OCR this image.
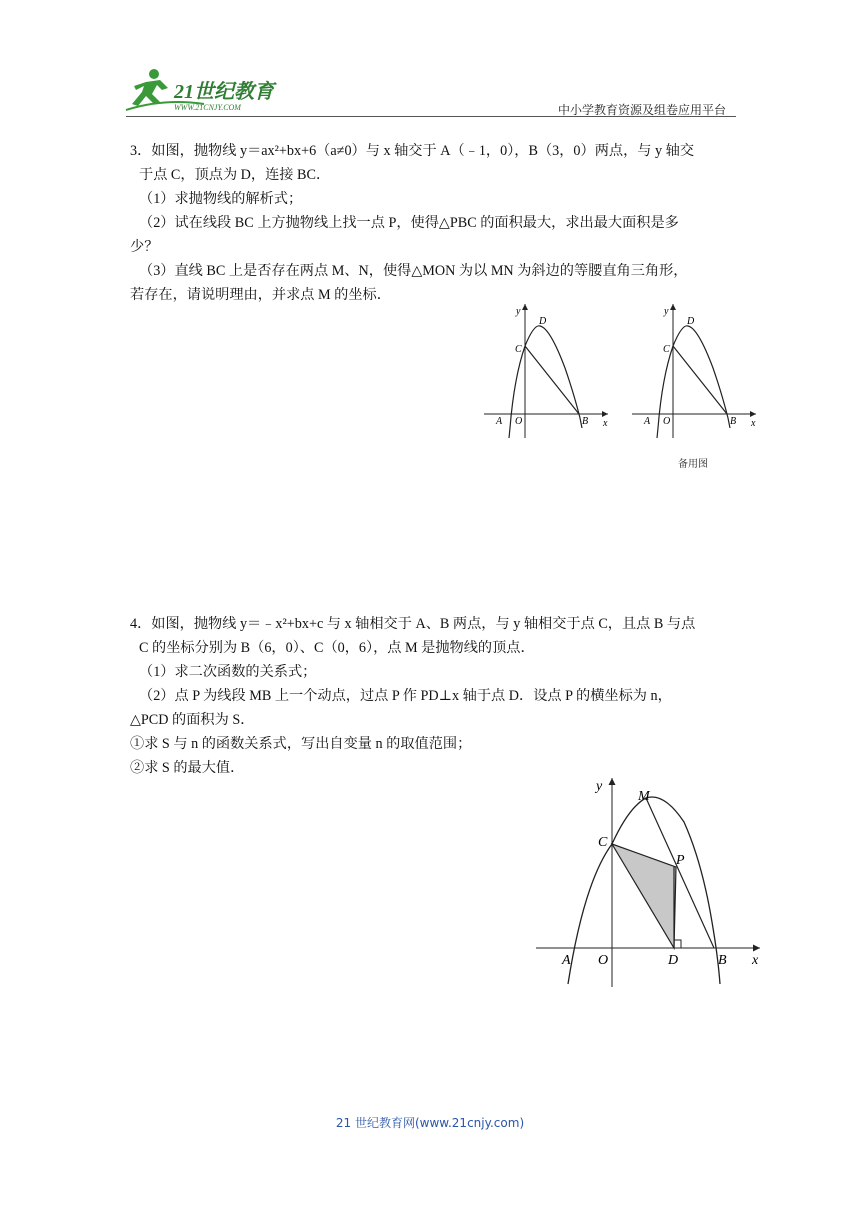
21世纪教育
WWW.21CNJY.COM	中小学教育资源及组卷应用平台

3．如图，抛物线 y＝ax²+bx+6（a≠0）与 x 轴交于 A（﹣1，0），B（3，0）两点，与 y 轴交

于点 C，顶点为 D，连接 BC．

（1）求抛物线的解析式；

（2）试在线段 BC 上方抛物线上找一点 P，使得△PBC 的面积最大，求出最大面积是多

少？

（3）直线 BC 上是否存在两点 M、N，使得△MON 为以 MN 为斜边的等腰直角三角形，

若存在，请说明理由，并求点 M 的坐标．

y
x
A O	B
C
D
y
x
A O	B
C
D
备用图

4．如图，抛物线 y＝﹣x²+bx+c 与 x 轴相交于 A、B 两点，与 y 轴相交于点 C，且点 B 与点

C 的坐标分别为 B（6，0）、C（0，6），点 M 是抛物线的顶点．

（1）求二次函数的关系式；

（2）点 P 为线段 MB 上一个动点，过点 P 作 PD⊥x 轴于点 D．设点 P 的横坐标为 n，

△PCD 的面积为 S．

①求 S 与 n 的函数关系式，写出自变量 n 的取值范围；

②求 S 的最大值．

y
x
A O	D	B
C
M
P
21 世纪教育网(www.21cnjy.com)
